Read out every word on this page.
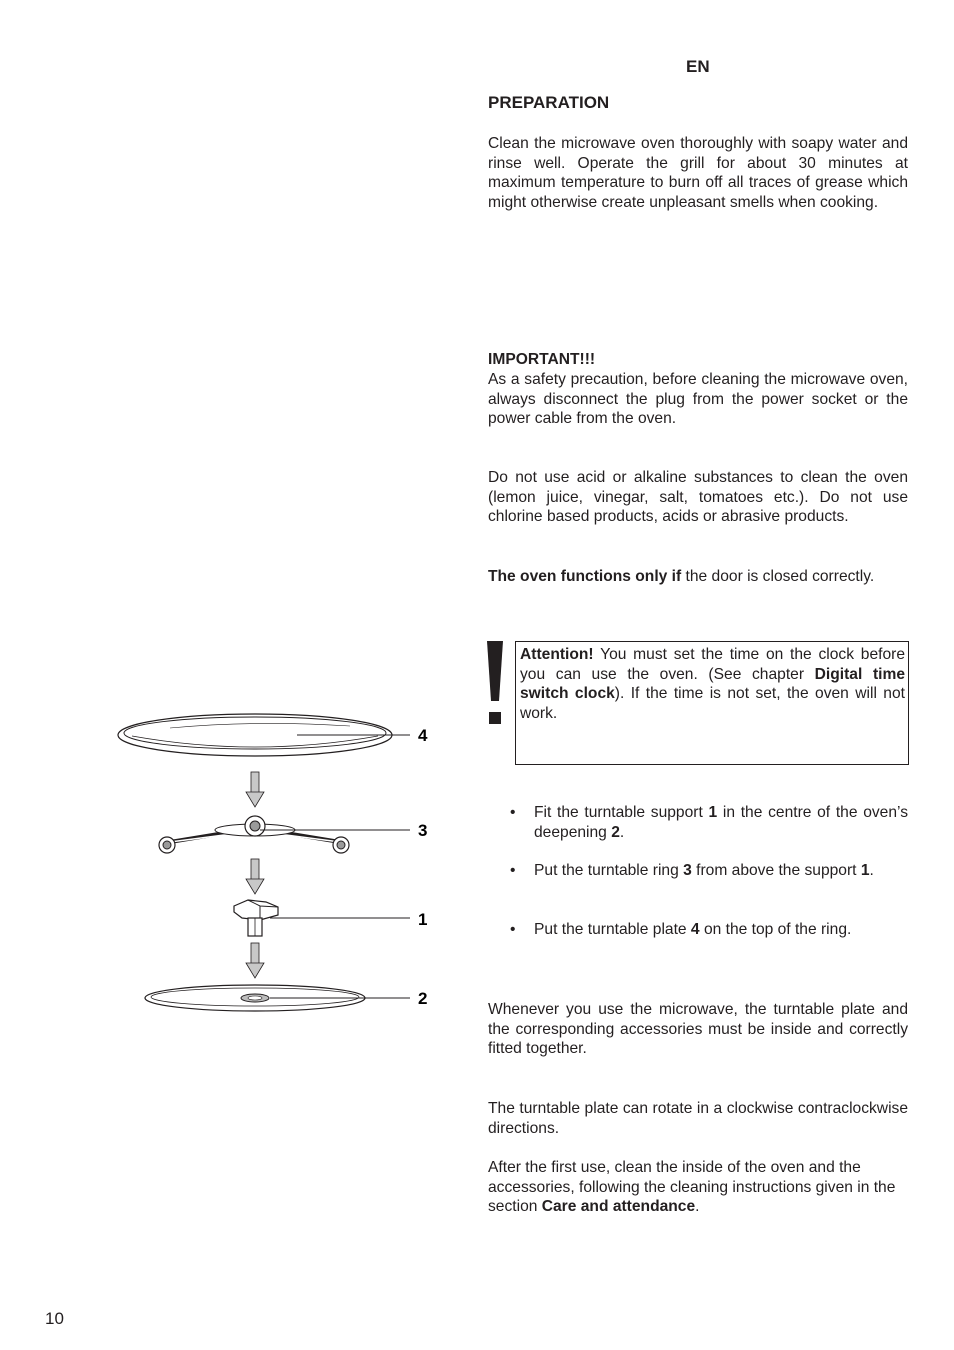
EN
PREPARATION
Clean the microwave oven thoroughly with soapy water and rinse well. Operate the grill for about 30 minutes at maximum temperature to burn off all traces of grease which might otherwise create unpleasant smells when cooking.
IMPORTANT!!!
As a safety precaution, before cleaning the microwave oven, always disconnect the plug from the power socket or the power cable from the oven.
Do not use acid or alkaline substances to clean the oven (lemon juice, vinegar, salt, tomatoes etc.). Do not use chlorine based products, acids or abrasive products.
The oven functions only if the door is closed correctly.
Attention! You must set the time on the clock before you can use the oven. (See chapter Digital time switch clock). If the time is not set, the oven will not work.
• Fit the turntable support 1 in the centre of the oven’s deepening 2.
• Put the turntable ring 3 from above the support 1.
• Put the turntable plate 4 on the top of the ring.
Whenever you use the microwave, the turntable plate and the corresponding accessories must be inside and correctly fitted together.
The turntable plate can rotate in a clockwise contraclockwise directions.
After the first use, clean the inside of the oven and the accessories, following the cleaning instructions given in the section Care and attendance.
4
3
1
2
10
